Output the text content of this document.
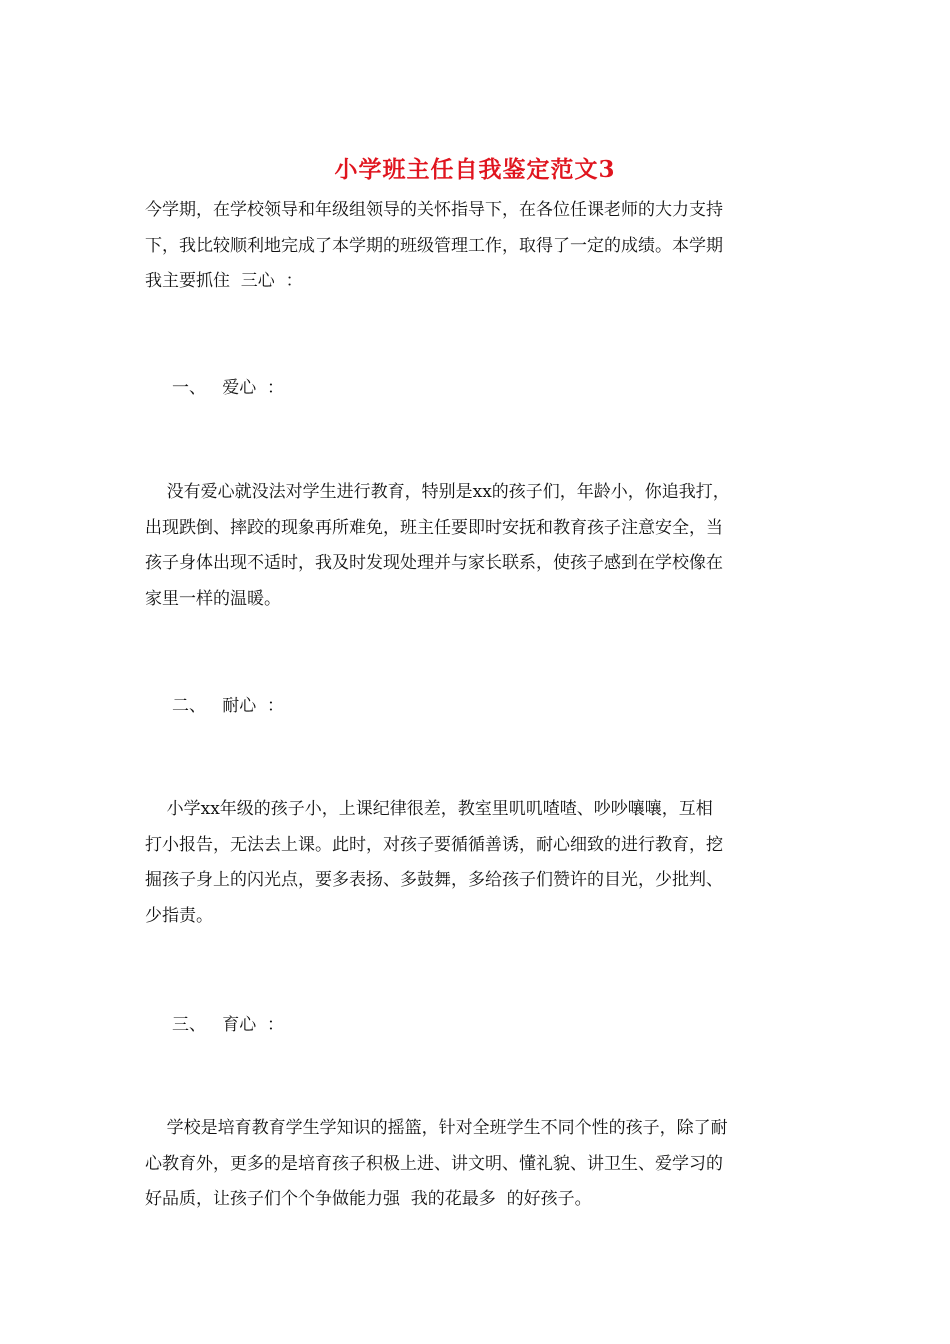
小学班主任自我鉴定范文3
今学期，在学校领导和年级组领导的关怀指导下，在各位任课老师的大力支持
下，我比较顺利地完成了本学期的班级管理工作，取得了一定的成绩。本学期
我主要抓住  三心  ：
一、   爱心  ：
没有爱心就没法对学生进行教育，特别是xx的孩子们，年龄小，你追我打，
出现跌倒、摔跤的现象再所难免，班主任要即时安抚和教育孩子注意安全，当
孩子身体出现不适时，我及时发现处理并与家长联系，使孩子感到在学校像在
家里一样的温暖。
二、   耐心  ：
小学xx年级的孩子小，上课纪律很差，教室里叽叽喳喳、吵吵嚷嚷，互相
打小报告，无法去上课。此时，对孩子要循循善诱，耐心细致的进行教育，挖
掘孩子身上的闪光点，要多表扬、多鼓舞，多给孩子们赞许的目光，少批判、
少指责。
三、   育心  ：
学校是培育教育学生学知识的摇篮，针对全班学生不同个性的孩子，除了耐
心教育外，更多的是培育孩子积极上进、讲文明、懂礼貌、讲卫生、爱学习的
好品质，让孩子们个个争做能力强  我的花最多  的好孩子。
